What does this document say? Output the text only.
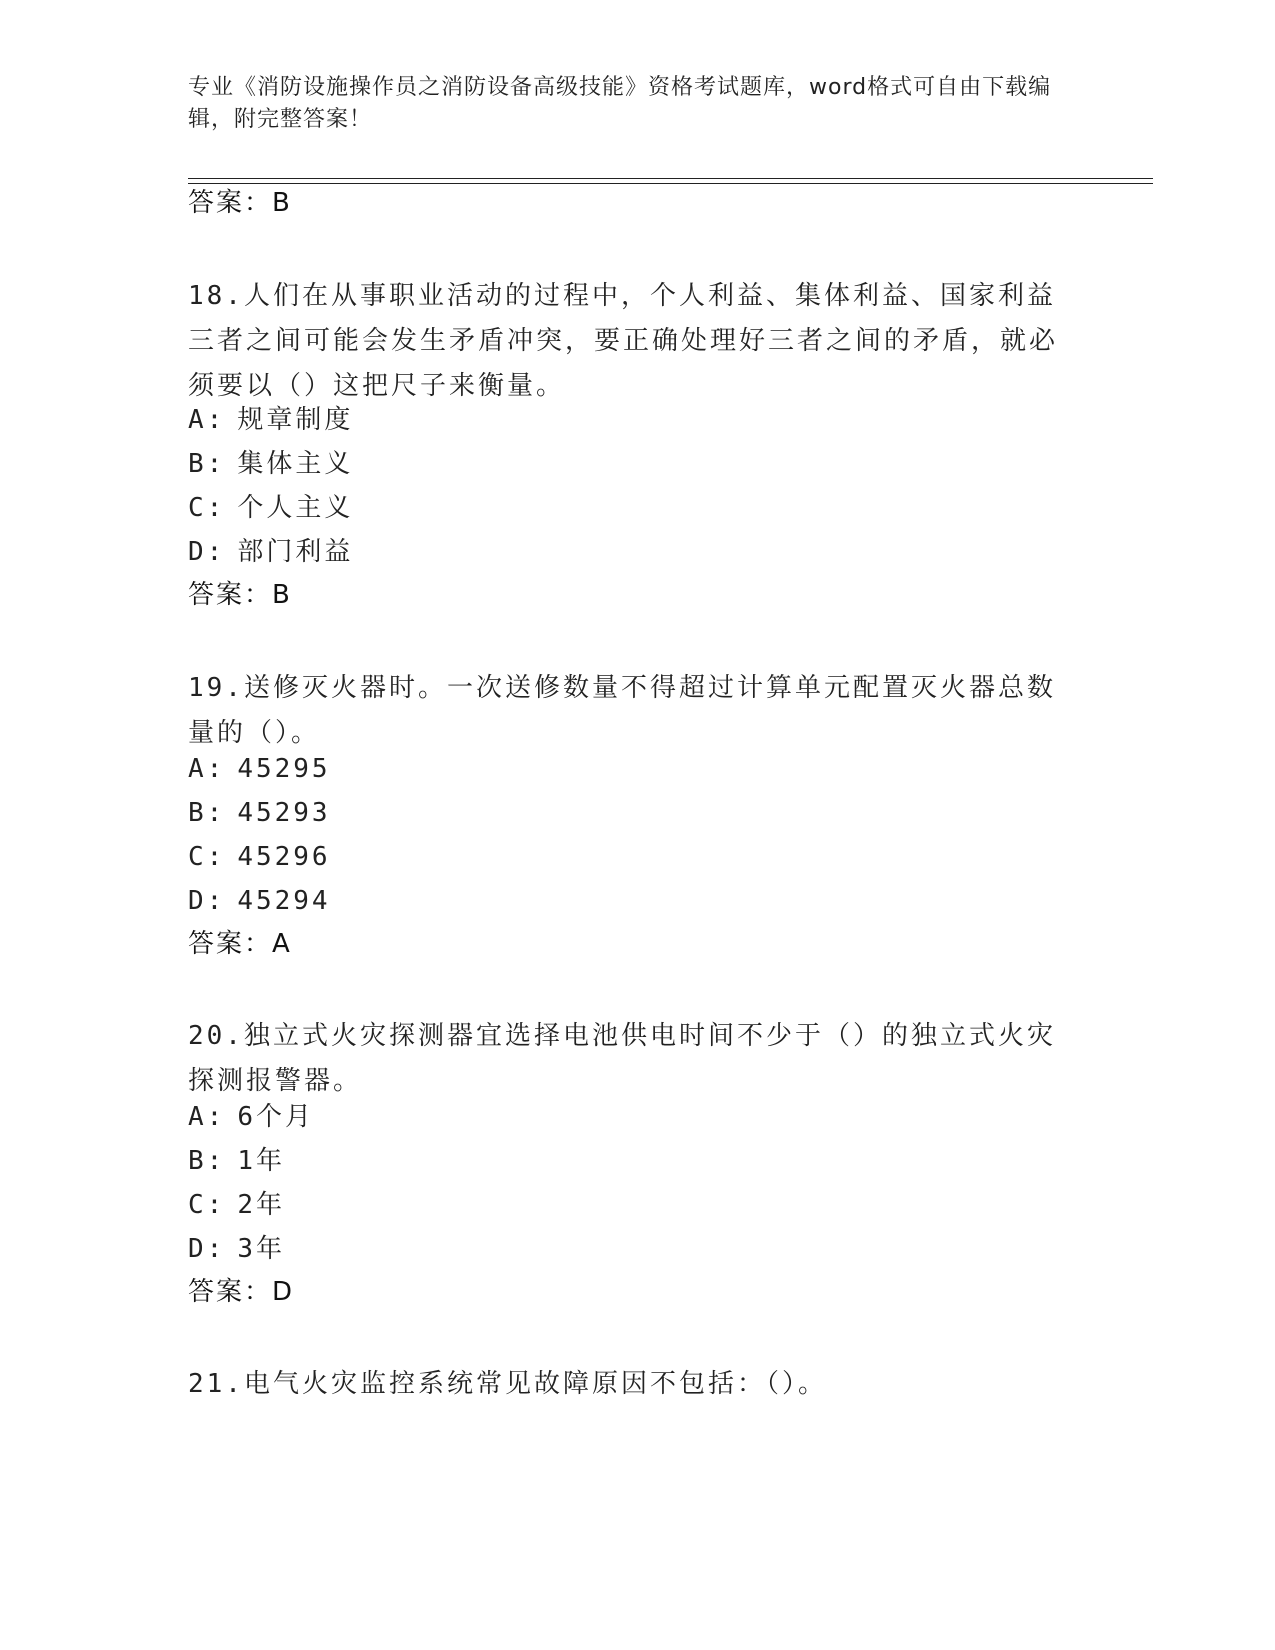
专业《消防设施操作员之消防设备高级技能》资格考试题库，word格式可自由下载编辑，附完整答案！
答案：B
18.人们在从事职业活动的过程中，个人利益、集体利益、国家利益三者之间可能会发生矛盾冲突，要正确处理好三者之间的矛盾，就必须要以（）这把尺子来衡量。
A: 规章制度
B: 集体主义
C: 个人主义
D: 部门利益
答案：B
19.送修灭火器时。一次送修数量不得超过计算单元配置灭火器总数量的（）。
A: 45295
B: 45293
C: 45296
D: 45294
答案：A
20.独立式火灾探测器宜选择电池供电时间不少于（）的独立式火灾探测报警器。
A: 6个月
B: 1年
C: 2年
D: 3年
答案：D
21.电气火灾监控系统常见故障原因不包括：（）。
